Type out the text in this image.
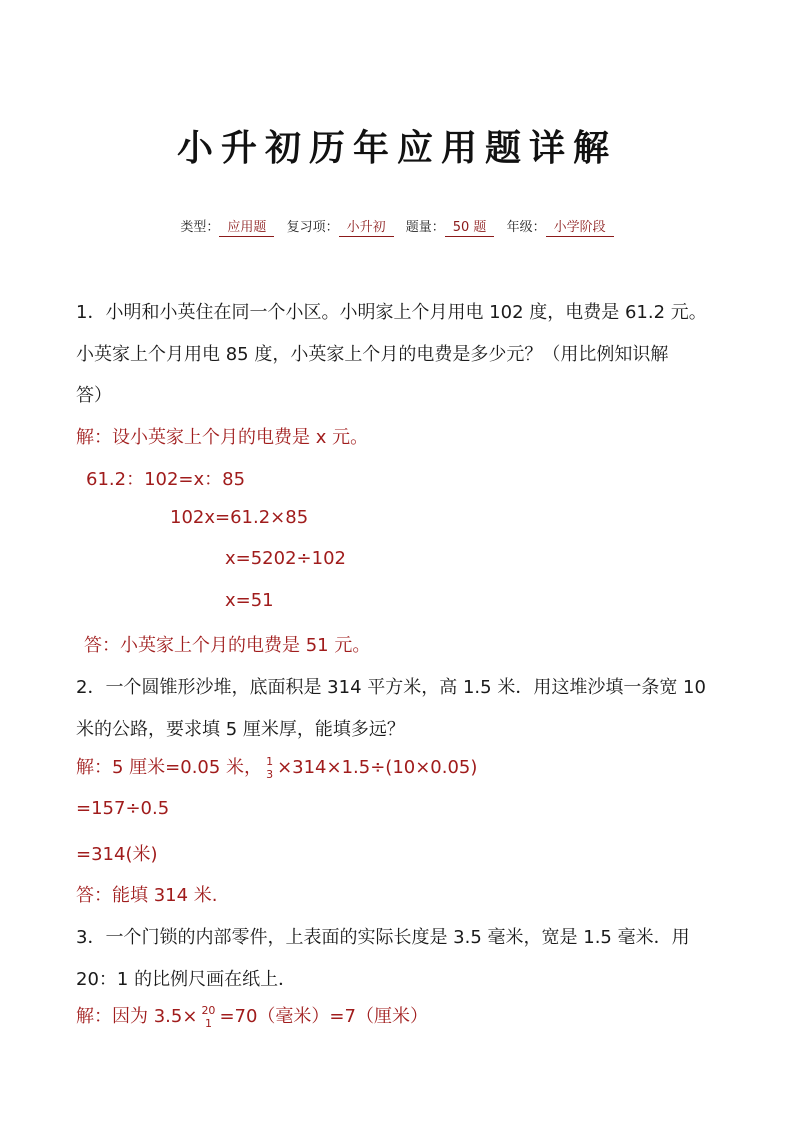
小升初历年应用题详解
类型： 应用题 复习项： 小升初 题量： 50 题 年级： 小学阶段
1．小明和小英住在同一个小区。小明家上个月用电 102 度，电费是 61.2 元。
小英家上个月用电 85 度，小英家上个月的电费是多少元？（用比例知识解
答）
解：设小英家上个月的电费是 x 元。
61.2：102=x：85
102x=61.2×85
x=5202÷102
x=51
答：小英家上个月的电费是 51 元。
2．一个圆锥形沙堆，底面积是 314 平方米，高 1.5 米．用这堆沙填一条宽 10
米的公路，要求填 5 厘米厚，能填多远？
解：5 厘米=0.05 米， 1
3 ×314×1.5÷(10×0.05)
=157÷0.5
=314(米)
答：能填 314 米.
3．一个门锁的内部零件，上表面的实际长度是 3.5 毫米，宽是 1.5 毫米．用
20：1 的比例尺画在纸上．
解：因为 3.5× 20
1 =70（毫米）=7（厘米）
